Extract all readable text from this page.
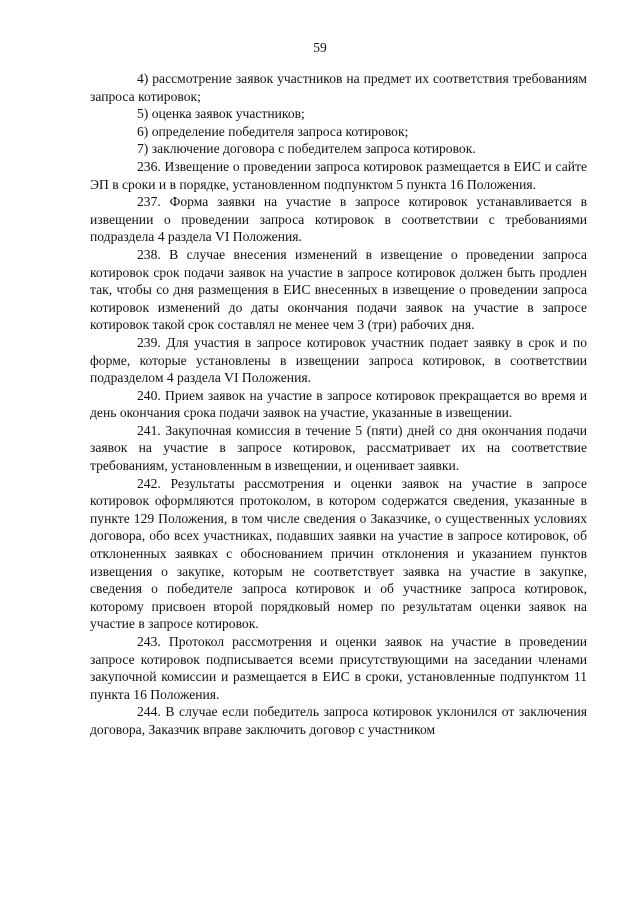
59

4) рассмотрение заявок участников на предмет их соответствия требованиям запроса котировок;

5) оценка заявок участников;

6) определение победителя запроса котировок;

7) заключение договора с победителем запроса котировок.

236. Извещение о проведении запроса котировок размещается в ЕИС и сайте ЭП в сроки и в порядке, установленном подпунктом 5 пункта 16 Положения.

237. Форма заявки на участие в запросе котировок устанавливается в извещении о проведении запроса котировок в соответствии с требованиями подраздела 4 раздела VI Положения.

238. В случае внесения изменений в извещение о проведении запроса котировок срок подачи заявок на участие в запросе котировок должен быть продлен так, чтобы со дня размещения в ЕИС внесенных в извещение о проведении запроса котировок изменений до даты окончания подачи заявок на участие в запросе котировок такой срок составлял не менее чем 3 (три) рабочих дня.

239. Для участия в запросе котировок участник подает заявку в срок и по форме, которые установлены в извещении запроса котировок, в соответствии подразделом 4 раздела VI Положения.

240. Прием заявок на участие в запросе котировок прекращается во время и день окончания срока подачи заявок на участие, указанные в извещении.

241. Закупочная комиссия в течение 5 (пяти) дней со дня окончания подачи заявок на участие в запросе котировок, рассматривает их на соответствие требованиям, установленным в извещении, и оценивает заявки.

242. Результаты рассмотрения и оценки заявок на участие в запросе котировок оформляются протоколом, в котором содержатся сведения, указанные в пункте 129 Положения, в том числе сведения о Заказчике, о существенных условиях договора, обо всех участниках, подавших заявки на участие в запросе котировок, об отклоненных заявках с обоснованием причин отклонения и указанием пунктов извещения о закупке, которым не соответствует заявка на участие в закупке, сведения о победителе запроса котировок и об участнике запроса котировок, которому присвоен второй порядковый номер по результатам оценки заявок на участие в запросе котировок.

243. Протокол рассмотрения и оценки заявок на участие в проведении запросе котировок подписывается всеми присутствующими на заседании членами закупочной комиссии и размещается в ЕИС в сроки, установленные подпунктом 11 пункта 16 Положения.

244. В случае если победитель запроса котировок уклонился от заключения договора, Заказчик вправе заключить договор с участником
